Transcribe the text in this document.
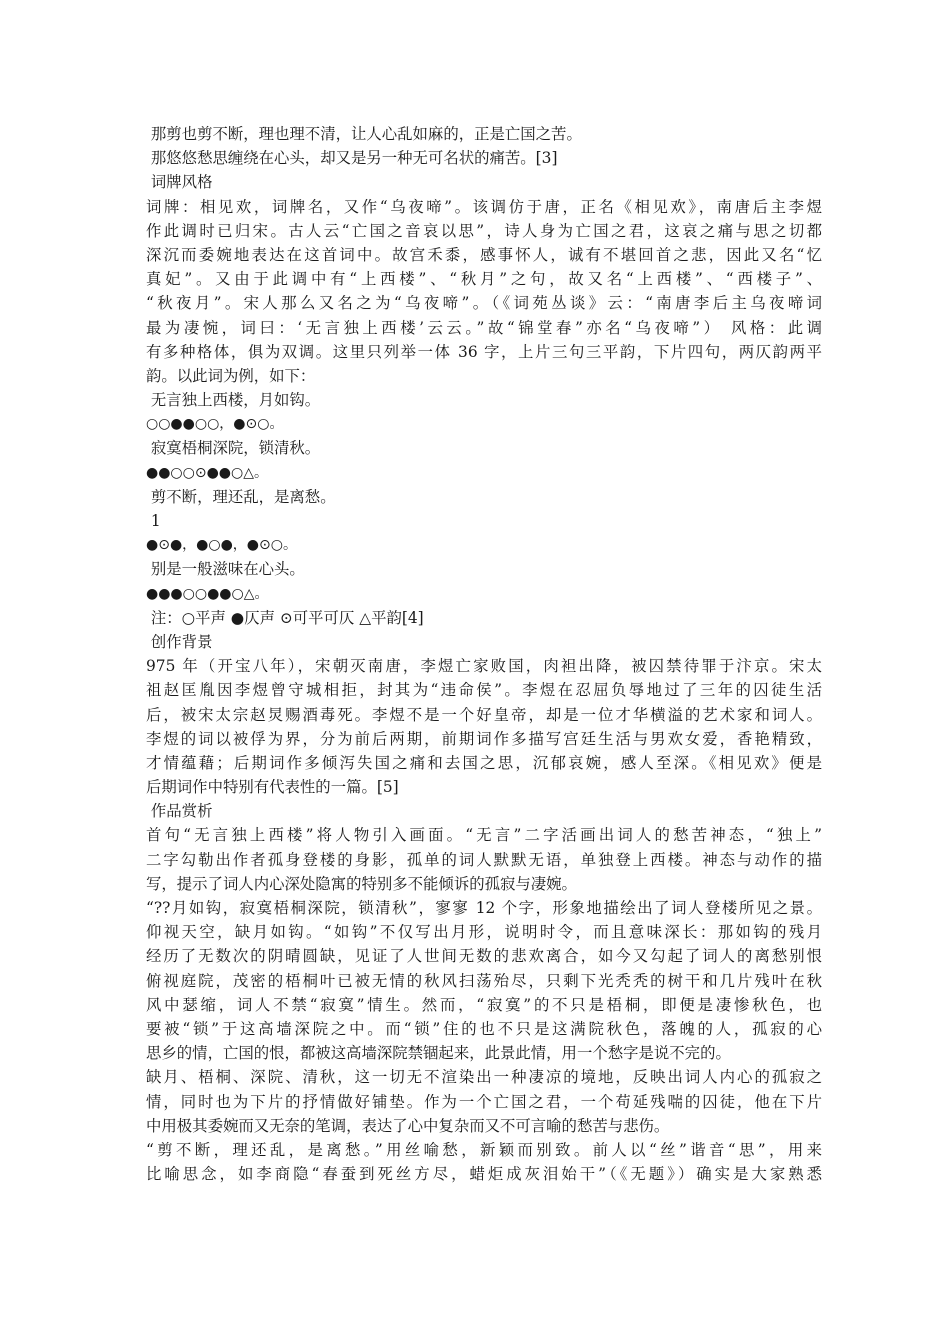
那剪也剪不断，理也理不清，让人心乱如麻的，正是亡国之苦。
那悠悠愁思缠绕在心头，却又是另一种无可名状的痛苦。[3]
词牌风格
词牌：相见欢，词牌名，又作“乌夜啼”。该调仿于唐，正名《相见欢》，南唐后主李煜
作此调时已归宋。古人云“亡国之音哀以思”，诗人身为亡国之君，这哀之痛与思之切都
深沉而委婉地表达在这首词中。故宫禾黍，感事怀人，诚有不堪回首之悲，因此又名“忆
真妃”。又由于此调中有“上西楼”、“秋月”之句，故又名“上西楼”、“西楼子”、
“秋夜月”。宋人那么又名之为“乌夜啼”。（《词苑丛谈》云：“南唐李后主乌夜啼词
最为凄惋，词曰：‘无言独上西楼’云云。”故“锦堂春”亦名“乌夜啼”） 风格：此调
有多种格体，俱为双调。这里只列举一体 36 字，上片三句三平韵，下片四句，两仄韵两平
韵。以此词为例，如下：
无言独上西楼，月如钩。
○○●●○○，●⊙○。
寂寞梧桐深院，锁清秋。
●●○○⊙●●○△。
剪不断，理还乱，是离愁。
1
●⊙●，●○●，●⊙○。
别是一般滋味在心头。
●●●○○●●○△。
注：○平声 ●仄声 ⊙可平可仄 △平韵[4]
创作背景
975 年（开宝八年），宋朝灭南唐，李煜亡家败国，肉袒出降，被囚禁待罪于汴京。宋太
祖赵匡胤因李煜曾守城相拒，封其为“违命侯”。李煜在忍屈负辱地过了三年的囚徒生活
后，被宋太宗赵炅赐酒毒死。李煜不是一个好皇帝，却是一位才华横溢的艺术家和词人。
李煜的词以被俘为界，分为前后两期，前期词作多描写宫廷生活与男欢女爱，香艳精致，
才情蕴藉；后期词作多倾泻失国之痛和去国之思，沉郁哀婉，感人至深。《相见欢》便是
后期词作中特别有代表性的一篇。[5]
作品赏析
首句“无言独上西楼”将人物引入画面。“无言”二字活画出词人的愁苦神态，“独上”
二字勾勒出作者孤身登楼的身影，孤单的词人默默无语，单独登上西楼。神态与动作的描
写，提示了词人内心深处隐寓的特别多不能倾诉的孤寂与凄婉。
“??月如钩，寂寞梧桐深院，锁清秋”，寥寥 12 个字，形象地描绘出了词人登楼所见之景。
仰视天空，缺月如钩。“如钩”不仅写出月形，说明时令，而且意味深长：那如钩的残月
经历了无数次的阴晴圆缺，见证了人世间无数的悲欢离合，如今又勾起了词人的离愁别恨
俯视庭院，茂密的梧桐叶已被无情的秋风扫荡殆尽，只剩下光秃秃的树干和几片残叶在秋
风中瑟缩，词人不禁“寂寞”情生。然而，“寂寞”的不只是梧桐，即便是凄惨秋色，也
要被“锁”于这高墙深院之中。而“锁”住的也不只是这满院秋色，落魄的人，孤寂的心
思乡的情，亡国的恨，都被这高墙深院禁锢起来，此景此情，用一个愁字是说不完的。
缺月、梧桐、深院、清秋，这一切无不渲染出一种凄凉的境地，反映出词人内心的孤寂之
情，同时也为下片的抒情做好铺垫。作为一个亡国之君，一个苟延残喘的囚徒，他在下片
中用极其委婉而又无奈的笔调，表达了心中复杂而又不可言喻的愁苦与悲伤。
“剪不断，理还乱，是离愁。”用丝喻愁，新颖而别致。前人以“丝”谐音“思”，用来
比喻思念，如李商隐“春蚕到死丝方尽，蜡炬成灰泪始干”（《无题》）确实是大家熟悉
